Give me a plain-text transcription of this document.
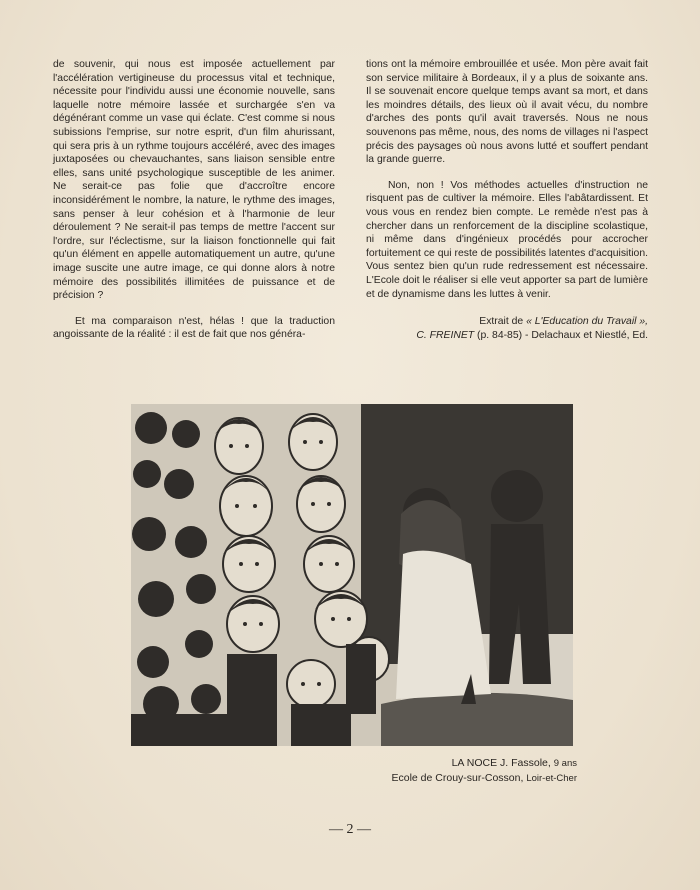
de souvenir, qui nous est imposée actuellement par l'accélération vertigineuse du processus vital et technique, nécessite pour l'individu aussi une économie nouvelle, sans laquelle notre mémoire lassée et surchargée s'en va dégénérant comme un vase qui éclate. C'est comme si nous subissions l'emprise, sur notre esprit, d'un film ahurissant, qui sera pris à un rythme toujours accéléré, avec des images juxtaposées ou chevauchantes, sans liaison sensible entre elles, sans unité psychologique susceptible de les animer. Ne serait-ce pas folie que d'accroître encore inconsidérément le nombre, la nature, le rythme des images, sans penser à leur cohésion et à l'harmonie de leur déroulement ? Ne serait-il pas temps de mettre l'accent sur l'ordre, sur l'éclectisme, sur la liaison fonctionnelle qui fait qu'un élément en appelle automatiquement un autre, qu'une image suscite une autre image, ce qui donne alors à notre mémoire des possibilités illimitées de puissance et de précision ?

Et ma comparaison n'est, hélas ! que la traduction angoissante de la réalité : il est de fait que nos généra-

tions ont la mémoire embrouillée et usée. Mon père avait fait son service militaire à Bordeaux, il y a plus de soixante ans. Il se souvenait encore quelque temps avant sa mort, et dans les moindres détails, des lieux où il avait vécu, du nombre d'arches des ponts qu'il avait traversés. Nous ne nous souvenons pas même, nous, des noms de villages ni l'aspect précis des paysages où nous avons lutté et souffert pendant la grande guerre.

Non, non ! Vos méthodes actuelles d'instruction ne risquent pas de cultiver la mémoire. Elles l'abâtardissent. Et vous vous en rendez bien compte. Le remède n'est pas à chercher dans un renforcement de la discipline scolastique, ni même dans d'ingénieux procédés pour accrocher fortuitement ce qui reste de possibilités latentes d'acquisition. Vous sentez bien qu'un rude redressement est nécessaire. L'Ecole doit le réaliser si elle veut apporter sa part de lumière et de dynamisme dans les luttes à venir.

Extrait de « L'Education du Travail »,
C. FREINET (p. 84-85) - Delachaux et Niestlé, Ed.
LA NOCE J. Fassole, 9 ans
Ecole de Crouy-sur-Cosson, Loir-et-Cher
— 2 —
